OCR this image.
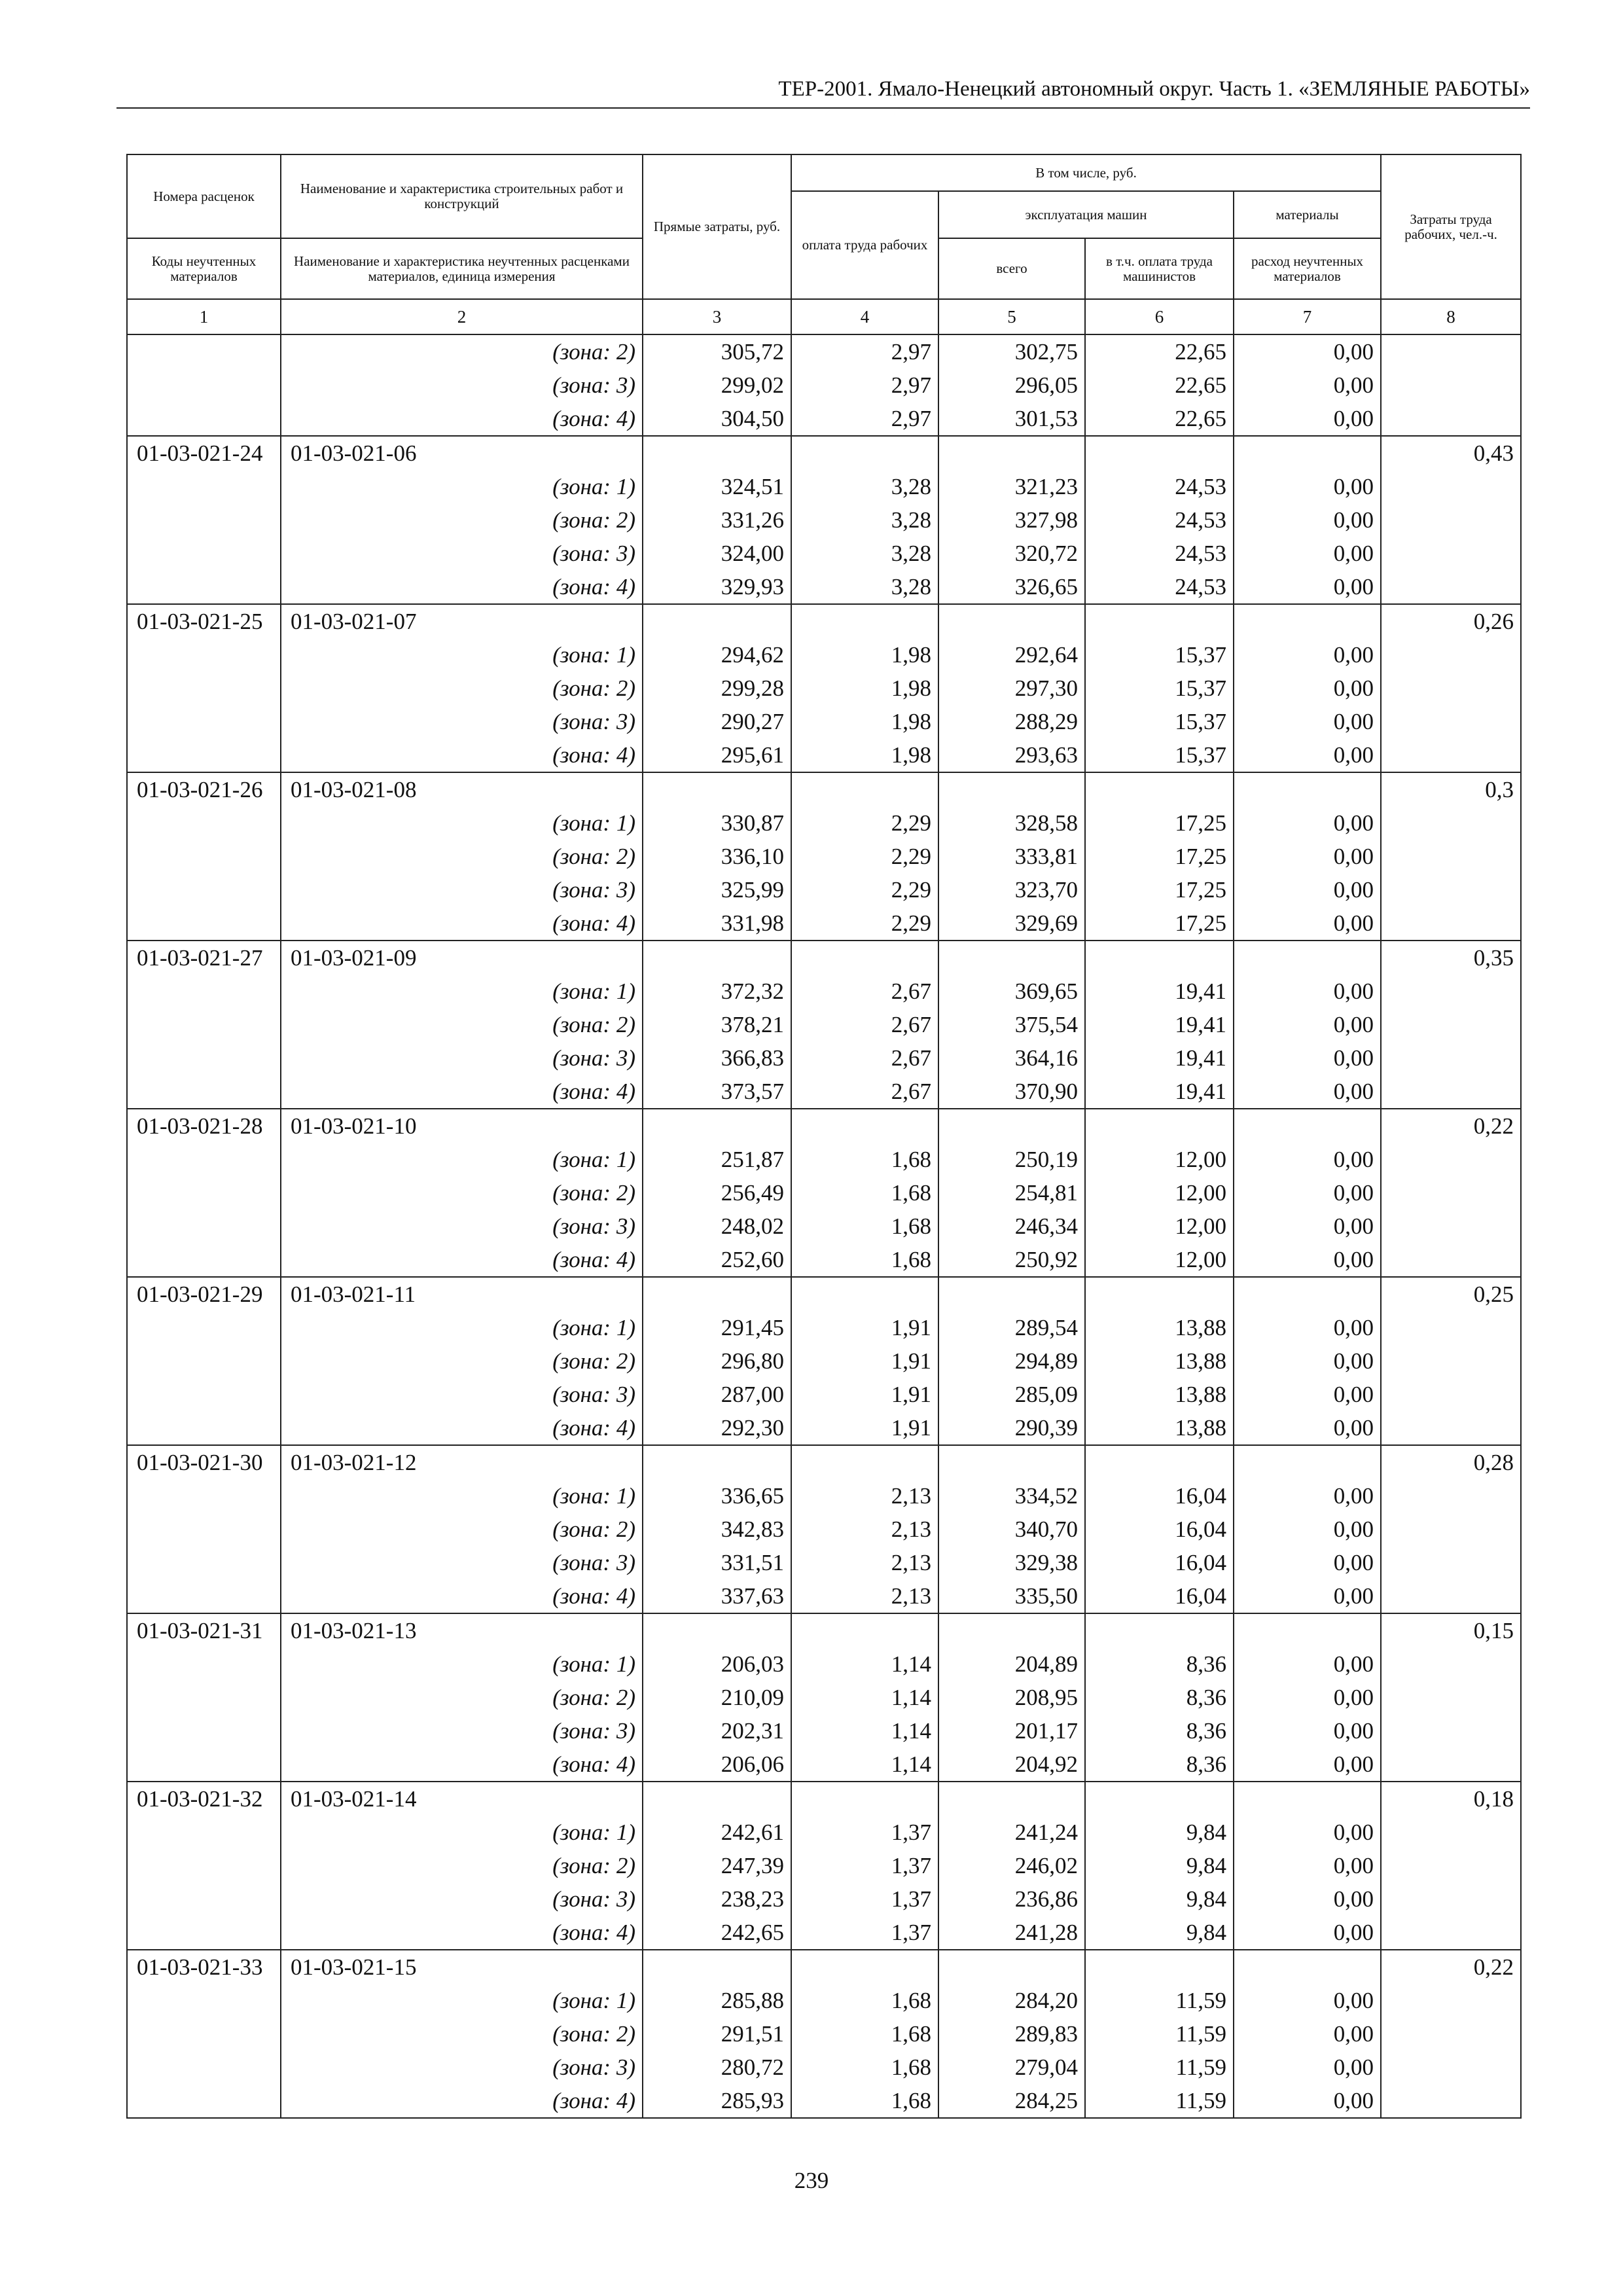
ТЕР-2001. Ямало-Ненецкий автономный округ. Часть 1. «ЗЕМЛЯНЫЕ РАБОТЫ»
Номера расценок	Наименование и характеристика строительных работ и конструкций	Прямые затраты, руб.	В том числе, руб.				Затраты труда рабочих, чел.-ч.
			оплата труда рабочих	эксплуатация машин		материалы	
Коды неучтенных материалов	Наименование и характеристика неучтенных расценками материалов, единица измерения			всего	в т.ч. оплата труда машинистов	расход неучтенных материалов	
1	2	3	4	5	6	7	8
	(зона: 2)	305,72	2,97	302,75	22,65	0,00	
	(зона: 3)	299,02	2,97	296,05	22,65	0,00	
	(зона: 4)	304,50	2,97	301,53	22,65	0,00	
01-03-021-24	01-03-021-06						0,43
	(зона: 1)	324,51	3,28	321,23	24,53	0,00	
	(зона: 2)	331,26	3,28	327,98	24,53	0,00	
	(зона: 3)	324,00	3,28	320,72	24,53	0,00	
	(зона: 4)	329,93	3,28	326,65	24,53	0,00	
01-03-021-25	01-03-021-07						0,26
	(зона: 1)	294,62	1,98	292,64	15,37	0,00	
	(зона: 2)	299,28	1,98	297,30	15,37	0,00	
	(зона: 3)	290,27	1,98	288,29	15,37	0,00	
	(зона: 4)	295,61	1,98	293,63	15,37	0,00	
01-03-021-26	01-03-021-08						0,3
	(зона: 1)	330,87	2,29	328,58	17,25	0,00	
	(зона: 2)	336,10	2,29	333,81	17,25	0,00	
	(зона: 3)	325,99	2,29	323,70	17,25	0,00	
	(зона: 4)	331,98	2,29	329,69	17,25	0,00	
01-03-021-27	01-03-021-09						0,35
	(зона: 1)	372,32	2,67	369,65	19,41	0,00	
	(зона: 2)	378,21	2,67	375,54	19,41	0,00	
	(зона: 3)	366,83	2,67	364,16	19,41	0,00	
	(зона: 4)	373,57	2,67	370,90	19,41	0,00	
01-03-021-28	01-03-021-10						0,22
	(зона: 1)	251,87	1,68	250,19	12,00	0,00	
	(зона: 2)	256,49	1,68	254,81	12,00	0,00	
	(зона: 3)	248,02	1,68	246,34	12,00	0,00	
	(зона: 4)	252,60	1,68	250,92	12,00	0,00	
01-03-021-29	01-03-021-11						0,25
	(зона: 1)	291,45	1,91	289,54	13,88	0,00	
	(зона: 2)	296,80	1,91	294,89	13,88	0,00	
	(зона: 3)	287,00	1,91	285,09	13,88	0,00	
	(зона: 4)	292,30	1,91	290,39	13,88	0,00	
01-03-021-30	01-03-021-12						0,28
	(зона: 1)	336,65	2,13	334,52	16,04	0,00	
	(зона: 2)	342,83	2,13	340,70	16,04	0,00	
	(зона: 3)	331,51	2,13	329,38	16,04	0,00	
	(зона: 4)	337,63	2,13	335,50	16,04	0,00	
01-03-021-31	01-03-021-13						0,15
	(зона: 1)	206,03	1,14	204,89	8,36	0,00	
	(зона: 2)	210,09	1,14	208,95	8,36	0,00	
	(зона: 3)	202,31	1,14	201,17	8,36	0,00	
	(зона: 4)	206,06	1,14	204,92	8,36	0,00	
01-03-021-32	01-03-021-14						0,18
	(зона: 1)	242,61	1,37	241,24	9,84	0,00	
	(зона: 2)	247,39	1,37	246,02	9,84	0,00	
	(зона: 3)	238,23	1,37	236,86	9,84	0,00	
	(зона: 4)	242,65	1,37	241,28	9,84	0,00	
01-03-021-33	01-03-021-15						0,22
	(зона: 1)	285,88	1,68	284,20	11,59	0,00	
	(зона: 2)	291,51	1,68	289,83	11,59	0,00	
	(зона: 3)	280,72	1,68	279,04	11,59	0,00	
	(зона: 4)	285,93	1,68	284,25	11,59	0,00	
239
